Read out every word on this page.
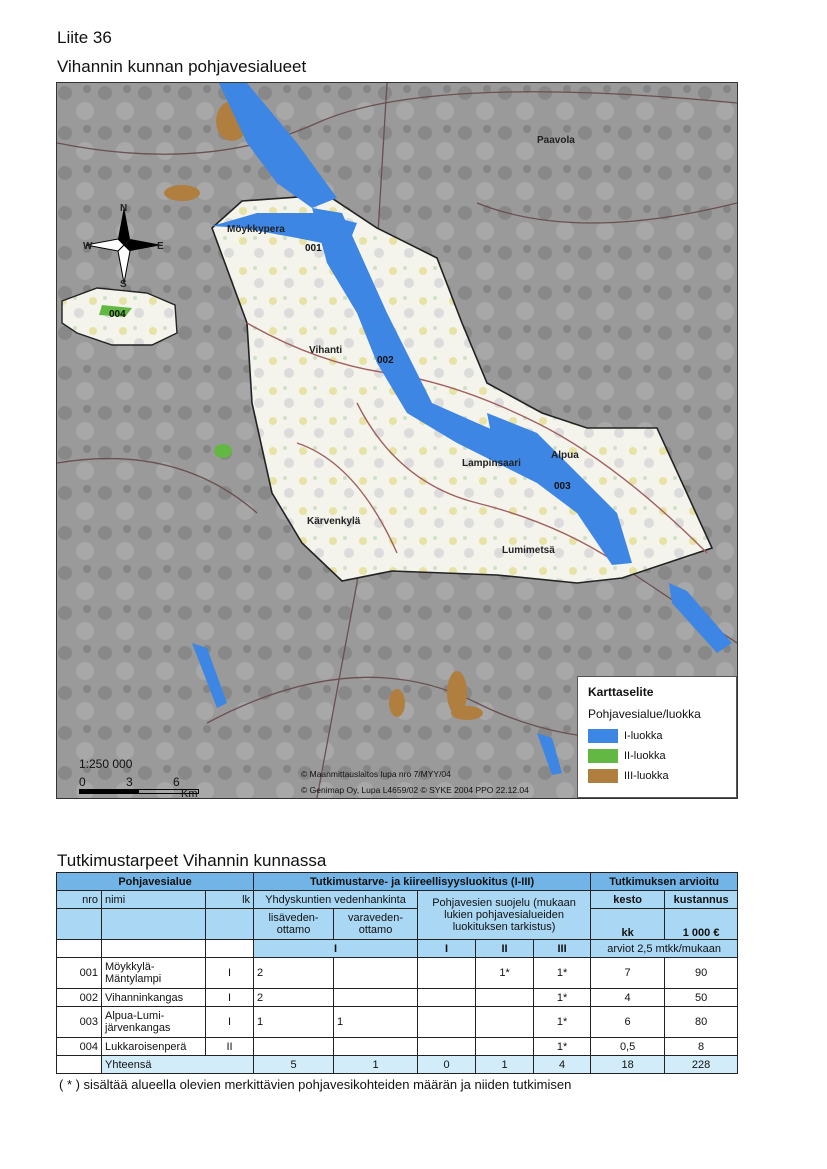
Liite 36
Vihannin kunnan pohjavesialueet
N
S
W	E	001
002
003
004
Vihanti
Lampinsaari
Alpua
Lumimetsä
Kärvenkylä
Möykkypera
Paavola
1:250 000
0	3	6
Km
© Maanmittauslaitos lupa nro 7/MYY/04
© Genimap Oy, Lupa L4659/02 © SYKE 2004 PPO 22.12.04
Karttaselite
Pohjavesialue/luokka
I-luokka
II-luokka
III-luokka
Tutkimustarpeet Vihannin kunnassa
Pohjavesialue			Tutkimustarve- ja kiireellisyysluokitus (I-III)					Tutkimuksen arvioitu	
nro	nimi	lk	Yhdyskuntien vedenhankinta		Pohjavesien suojelu (mukaan lukien pohjavesialueiden luokituksen tarkistus)			kesto	kustannus
			lisäveden-ottamo	varaveden-ottamo				kk	1 000 €
			I		I	II	III	arviot 2,5 mtkk/mukaan	
001	Möykkylä-Mäntylampi	I	2			1*	1*	7	90
002	Vihanninkangas	I	2				1*	4	50
003	Alpua-Lumi-järvenkangas	I	1	1			1*	6	80
004	Lukkaroisenperä	II					1*	0,5	8
	Yhteensä		5	1	0	1	4	18	228
( * ) sisältää alueella olevien merkittävien pohjavesikohteiden määrän ja niiden tutkimisen
